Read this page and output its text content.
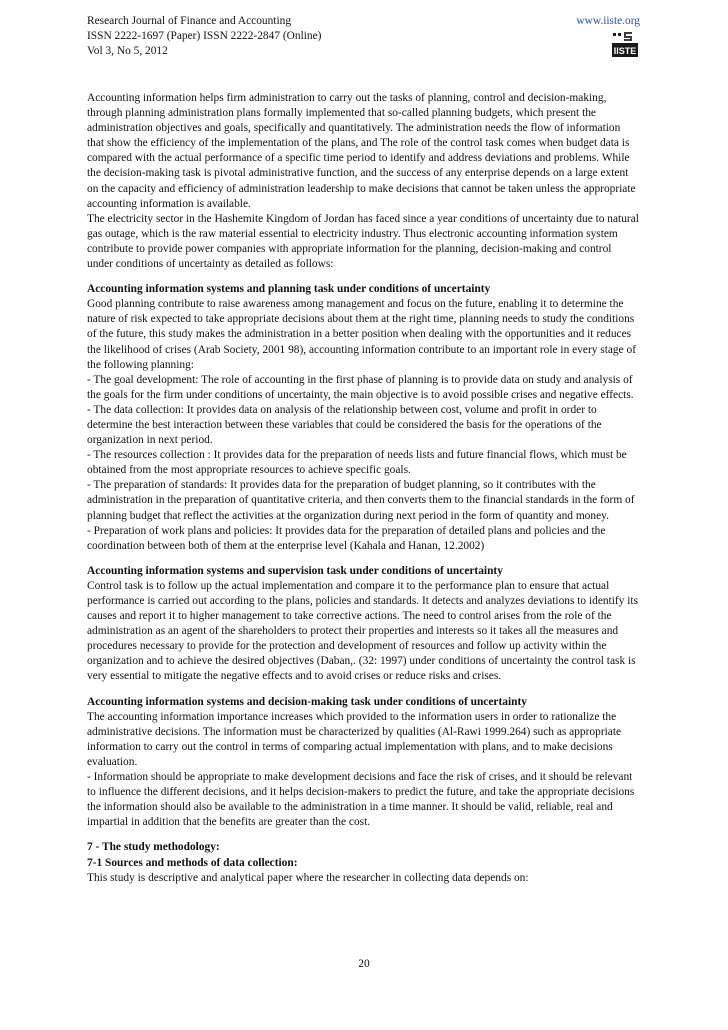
Research Journal of Finance and Accounting
ISSN 2222-1697 (Paper) ISSN 2222-2847 (Online)
Vol 3, No 5, 2012
www.iiste.org
IISTE

Accounting information helps firm administration to carry out the tasks of planning, control and decision-making, through planning administration plans formally implemented that so-called planning budgets, which present the administration objectives and goals, specifically and quantitatively. The administration needs the flow of information that show the efficiency of the implementation of the plans, and The role of the control task comes when budget data is compared with the actual performance of a specific time period to identify and address deviations and problems. While the decision-making task is pivotal administrative function, and the success of any enterprise depends on a large extent on the capacity and efficiency of administration leadership to make decisions that cannot be taken unless the appropriate accounting information is available.

The electricity sector in the Hashemite Kingdom of Jordan has faced since a year conditions of uncertainty due to natural gas outage, which is the raw material essential to electricity industry. Thus electronic accounting information system contribute to provide power companies with appropriate information for the planning, decision-making and control under conditions of uncertainty as detailed as follows:

Accounting information systems and planning task under conditions of uncertainty

Good planning contribute to raise awareness among management and focus on the future, enabling it to determine the nature of risk expected to take appropriate decisions about them at the right time, planning needs to study the conditions of the future, this study makes the administration in a better position when dealing with the opportunities and it reduces the likelihood of crises (Arab Society, 2001 98), accounting information contribute to an important role in every stage of the following planning:

- The goal development: The role of accounting in the first phase of planning is to provide data on study and analysis of the goals for the firm under conditions of uncertainty, the main objective is to avoid possible crises and negative effects.

- The data collection: It provides data on analysis of the relationship between cost, volume and profit in order to determine the best interaction between these variables that could be considered the basis for the operations of the organization in next period.

- The resources collection : It provides data for the preparation of needs lists and future financial flows, which must be obtained from the most appropriate resources to achieve specific goals.

- The preparation of standards: It provides data for the preparation of budget planning, so it contributes with the administration in the preparation of quantitative criteria, and then converts them to the financial standards in the form of planning budget that reflect the activities at the organization during next period in the form of quantity and money.

- Preparation of work plans and policies: It provides data for the preparation of detailed plans and policies and the coordination between both of them at the enterprise level (Kahala and Hanan, 12.2002)

Accounting information systems and supervision task under conditions of uncertainty

Control task is to follow up the actual implementation and compare it to the performance plan to ensure that actual performance is carried out according to the plans, policies and standards. It detects and analyzes deviations to identify its causes and report it to higher management to take corrective actions. The need to control arises from the role of the administration as an agent of the shareholders to protect their properties and interests so it takes all the measures and procedures necessary to provide for the protection and development of resources and follow up activity within the organization and to achieve the desired objectives (Daban,. (32: 1997) under conditions of uncertainty the control task is very essential to mitigate the negative effects and to avoid crises or reduce risks and crises.

Accounting information systems and decision-making task under conditions of uncertainty

The accounting information importance increases which provided to the information users in order to rationalize the administrative decisions. The information must be characterized by qualities (Al-Rawi 1999.264) such as appropriate information to carry out the control in terms of comparing actual implementation with plans, and to make decisions evaluation.

- Information should be appropriate to make development decisions and face the risk of crises, and it should be relevant to influence the different decisions, and it helps decision-makers to predict the future, and take the appropriate decisions the information should also be available to the administration in a time manner. It should be valid, reliable, real and impartial in addition that the benefits are greater than the cost.

7 - The study methodology:
7-1 Sources and methods of data collection:

This study is descriptive and analytical paper where the researcher in collecting data depends on:

20
